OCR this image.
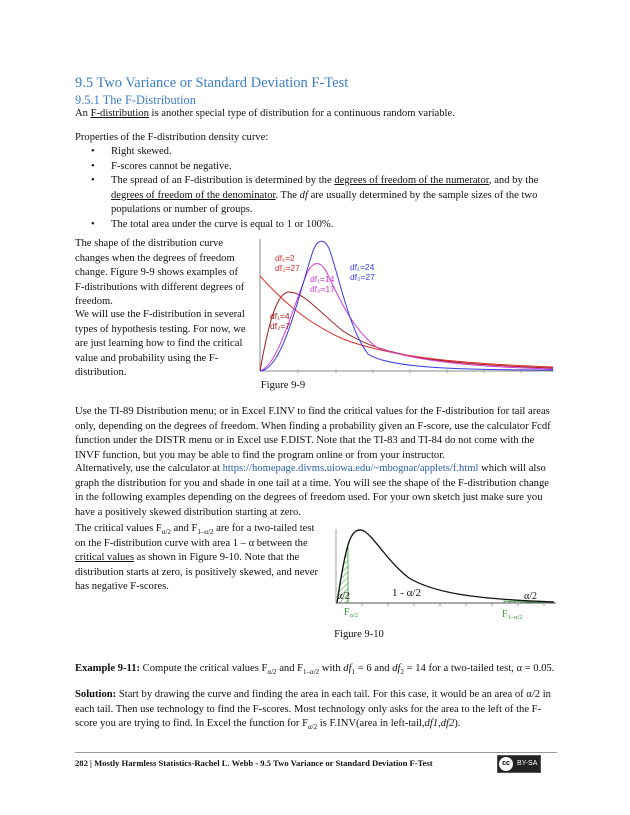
9.5 Two Variance or Standard Deviation F-Test
9.5.1 The F-Distribution
An F-distribution is another special type of distribution for a continuous random variable.
Properties of the F-distribution density curve:
• Right skewed.
• F-scores cannot be negative.
• The spread of an F-distribution is determined by the degrees of freedom of the numerator, and by the degrees of freedom of the denominator. The df are usually determined by the sample sizes of the two populations or number of groups.
• The total area under the curve is equal to 1 or 100%.
The shape of the distribution curve changes when the degrees of freedom change. Figure 9-9 shows examples of F-distributions with different degrees of freedom.
We will use the F-distribution in several types of hypothesis testing. For now, we are just learning how to find the critical value and probability using the F-distribution.
df₁=2
df₂=27
df₁=14
df₂=17
df₁=24
df₂=27
df₁=4
df₂=7
Figure 9-9
Use the TI-89 Distribution menu; or in Excel F.INV to find the critical values for the F-distribution for tail areas only, depending on the degrees of freedom. When finding a probability given an F-score, use the calculator Fcdf function under the DISTR menu or in Excel use F.DIST. Note that the TI-83 and TI-84 do not come with the INVF function, but you may be able to find the program online or from your instructor.
Alternatively, use the calculator at https://homepage.divms.uiowa.edu/~mbognar/applets/f.html which will also graph the distribution for you and shade in one tail at a time. You will see the shape of the F-distribution change in the following examples depending on the degrees of freedom used. For your own sketch just make sure you have a positively skewed distribution starting at zero.
The critical values $F_{\alpha/2}$ and $F_{1-\alpha/2}$ are for a two-tailed test on the F-distribution curve with area 1 – α between the critical values as shown in Figure 9-10. Note that the distribution starts at zero, is positively skewed, and never has negative F-scores.
α/2	1 - α/2	α/2
$F_{\alpha/2}$	$F_{1-\alpha/2}$
Figure 9-10
Example 9-11: Compute the critical values $F_{\alpha/2}$ and $F_{1-\alpha/2}$ with $df_1 = 6$ and $df_2 = 14$ for a two-tailed test, α = 0.05.
Solution: Start by drawing the curve and finding the area in each tail. For this case, it would be an area of α/2 in each tail. Then use technology to find the F-scores. Most technology only asks for the area to the left of the F-score you are trying to find. In Excel the function for $F_{\alpha/2}$ is F.INV(area in left-tail,df1,df2).
282 | Mostly Harmless Statistics-Rachel L. Webb - 9.5 Two Variance or Standard Deviation F-Test	cc	BY-SA
